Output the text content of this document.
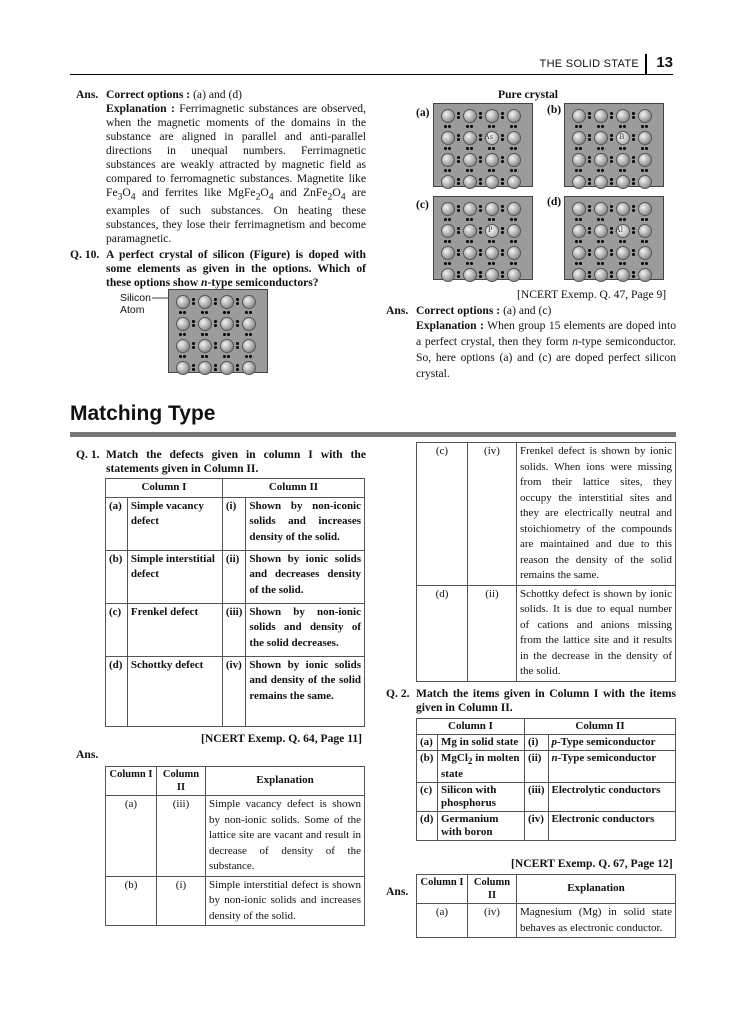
THE SOLID STATE 13
Ans. Correct options : (a) and (d)

Explanation : Ferrimagnetic substances are observed, when the magnetic moments of the domains in the substance are aligned in parallel and anti-parallel directions in unequal numbers. Ferrimagnetic substances are weakly attracted by magnetic field as compared to ferromagnetic substances. Magnetite like $Fe_3O_4$ and ferrites like $MgFe_2O_4$ and $ZnFe_2O_4$ are examples of such substances. On heating these substances, they lose their ferrimagnetism and become paramagnetic.

Q. 10. A perfect crystal of silicon (Figure) is doped with some elements as given in the options. Which of these options show n-type semiconductors?

Silicon
Atom
Pure crystal
(a)	(b)
(c)	(d)
As	B
P	Al
[NCERT Exemp. Q. 47, Page 9]
Ans. Correct options : (a) and (c)

Explanation : When group 15 elements are doped into a perfect crystal, then they form n-type semiconductor. So, here options (a) and (c) are doped perfect silicon crystal.

Matching Type
Q. 1. Match the defects given in column I with the statements given in Column II.

Column I		Column II	
(a)	Simple vacancy defect	(i)	Shown by non-iconic solids and increases density of the solid.
(b)	Simple interstitial defect	(ii)	Shown by ionic solids and decreases density of the solid.
(c)	Frenkel defect	(iii)	Shown by non-ionic solids and density of the solid decreases.
(d)	Schottky defect	(iv)	Shown by ionic solids and density of the solid remains the same.
[NCERT Exemp. Q. 64, Page 11]
Ans.
Column I	Column II	Explanation
(a)	(iii)	Simple vacancy defect is shown by non-ionic solids. Some of the lattice site are vacant and result in decrease of density of the substance.
(b)	(i)	Simple interstitial defect is shown by non-ionic solids and increases density of the solid.
(c)	(iv)	Frenkel defect is shown by ionic solids. When ions were missing from their lattice sites, they occupy the interstitial sites and they are electrically neutral and stoichiometry of the compounds are maintained and due to this reason the density of the solid remains the same.
(d)	(ii)	Schottky defect is shown by ionic solids. It is due to equal number of cations and anions missing from the lattice site and it results in the decrease in the density of the solid.
Q. 2. Match the items given in Column I with the items given in Column II.

Column I		Column II	
(a)	Mg in solid state	(i)	p-Type semiconductor
(b)	MgCl$_2$ in molten state	(ii)	n-Type semiconductor
(c)	Silicon with phosphorus	(iii)	Electrolytic conductors
(d)	Germanium with boron	(iv)	Electronic conductors
[NCERT Exemp. Q. 67, Page 12]
Ans.
Column I	Column II	Explanation
(a)	(iv)	Magnesium (Mg) in solid state behaves as electronic conductor.
